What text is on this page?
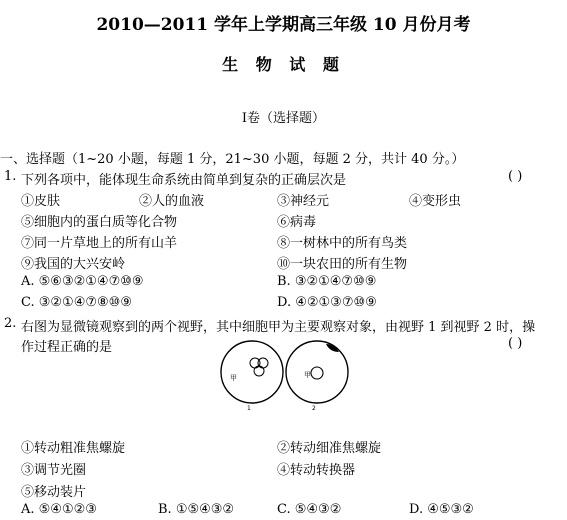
2010—2011 学年上学期高三年级 10 月份月考
生 物 试 题
Ⅰ卷（选择题）
一、选择题（1~20 小题，每题 1 分，21~30 小题，每题 2 分，共计 40 分。）
1. 下列各项中，能体现生命系统由简单到复杂的正确层次是	( )
①皮肤	②人的血液	③神经元	④变形虫
⑤细胞内的蛋白质等化合物	⑥病毒
⑦同一片草地上的所有山羊	⑧一树林中的所有鸟类
⑨我国的大兴安岭	⑩一块农田的所有生物
A. ⑤⑥③②①④⑦⑩⑨	B. ③②①④⑦⑩⑨
C. ③②①④⑦⑧⑩⑨	D. ④②①③⑦⑩⑨
2. 右图为显微镜观察到的两个视野，其中细胞甲为主要观察对象，由视野 1 到视野 2 时，操
作过程正确的是	( )
甲
1
甲
2
①转动粗准焦螺旋	②转动细准焦螺旋
③调节光圈	④转动转换器
⑤移动装片
A. ⑤④①②③	B. ①⑤④③②	C. ⑤④③②	D. ④⑤③②
